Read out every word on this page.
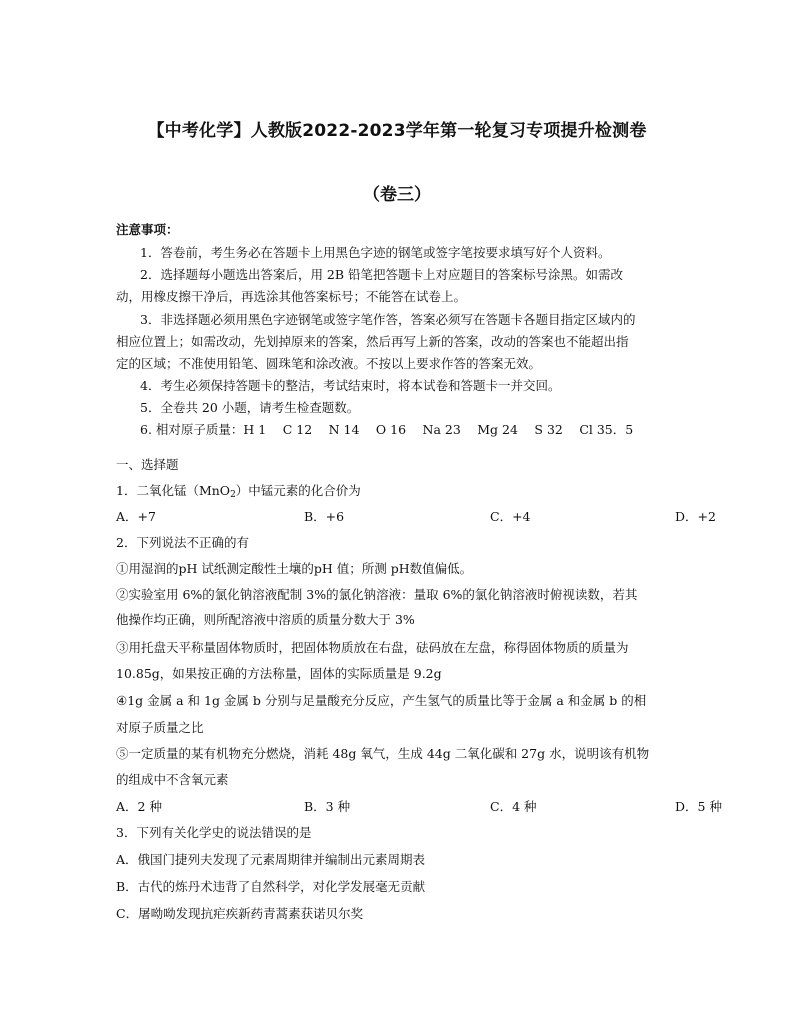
【中考化学】人教版2022-2023学年第一轮复习专项提升检测卷
（卷三）
注意事项：
1．答卷前，考生务必在答题卡上用黑色字迹的钢笔或签字笔按要求填写好个人资料。
2．选择题每小题选出答案后，用 2B 铅笔把答题卡上对应题目的答案标号涂黑。如需改
动，用橡皮擦干净后，再选涂其他答案标号；不能答在试卷上。
3．非选择题必须用黑色字迹钢笔或签字笔作答，答案必须写在答题卡各题目指定区域内的
相应位置上；如需改动，先划掉原来的答案，然后再写上新的答案，改动的答案也不能超出指
定的区域；不准使用铅笔、圆珠笔和涂改液。不按以上要求作答的答案无效。
4．考生必须保持答题卡的整洁，考试结束时，将本试卷和答题卡一并交回。
5．全卷共 20 小题，请考生检查题数。
6. 相对原子质量：H 1　 C 12　 N 14　 O 16　 Na 23　 Mg 24　 S 32　 Cl 35．5
一、选择题
1．二氧化锰（MnO$_2$）中锰元素的化合价为
A．+7	B．+6	C．+4	D．+2
2．下列说法不正确的有
①用湿润的pH 试纸测定酸性土壤的pH 值；所测 pH数值偏低。
②实验室用 6%的氯化钠溶液配制 3%的氯化钠溶液：量取 6%的氯化钠溶液时俯视读数，若其
他操作均正确，则所配溶液中溶质的质量分数大于 3%
③用托盘天平称量固体物质时，把固体物质放在右盘，砝码放在左盘，称得固体物质的质量为
10.85g，如果按正确的方法称量，固体的实际质量是 9.2g
④1g 金属 a 和 1g 金属 b 分别与足量酸充分反应，产生氢气的质量比等于金属 a 和金属 b 的相
对原子质量之比
⑤一定质量的某有机物充分燃烧，消耗 48g 氧气，生成 44g 二氧化碳和 27g 水，说明该有机物
的组成中不含氧元素
A．2 种	B．3 种	C．4 种	D．5 种
3．下列有关化学史的说法错误的是
A．俄国门捷列夫发现了元素周期律并编制出元素周期表
B．古代的炼丹术违背了自然科学，对化学发展毫无贡献
C．屠呦呦发现抗疟疾新药青蒿素获诺贝尔奖
